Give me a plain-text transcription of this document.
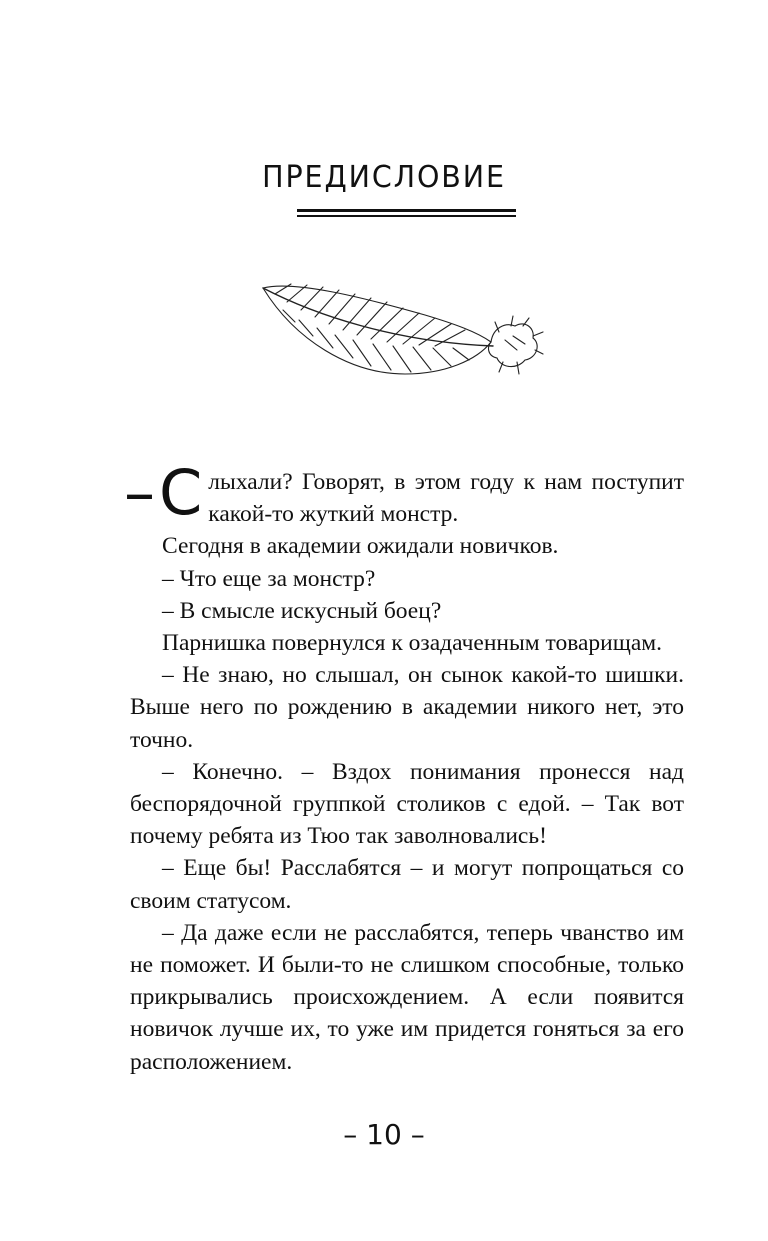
ПРЕДИСЛОВИЕ

–С лыхали? Говорят, в этом году к нам поступит какой-то жуткий монстр.

Сегодня в академии ожидали новичков.

– Что еще за монстр?

– В смысле искусный боец?

Парнишка повернулся к озадаченным товарищам.

– Не знаю, но слышал, он сынок какой-то шишки. Выше него по рождению в академии никого нет, это точно.

– Конечно. – Вздох понимания пронесся над беспорядочной группкой столиков с едой. – Так вот почему ребята из Тюо так заволновались!

– Еще бы! Расслабятся – и могут попрощаться со своим статусом.

– Да даже если не расслабятся, теперь чванство им не поможет. И были-то не слишком способные, только прикрывались происхождением. А если появится новичок лучше их, то уже им придется гоняться за его расположением.

– 10 –
